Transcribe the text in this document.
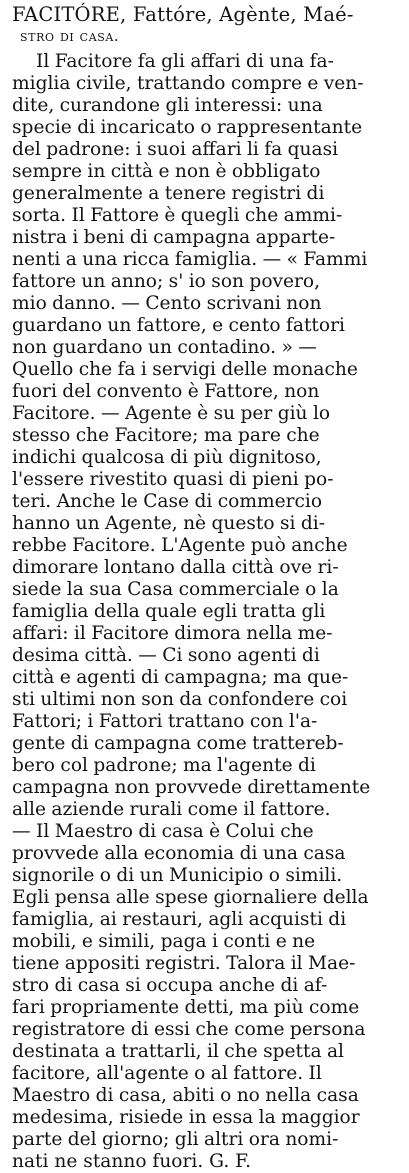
FACITÓRE, Fattóre, Agènte, Maé-
stro di casa.
Il Facitore fa gli affari di una fa-
miglia civile, trattando compre e ven-
dite, curandone gli interessi: una
specie di incaricato o rappresentante
del padrone: i suoi affari li fa quasi
sempre in città e non è obbligato
generalmente a tenere registri di
sorta. Il Fattore è quegli che ammi-
nistra i beni di campagna apparte-
nenti a una ricca famiglia. — « Fammi
fattore un anno; s' io son povero,
mio danno. — Cento scrivani non
guardano un fattore, e cento fattori
non guardano un contadino. » —
Quello che fa i servigi delle monache
fuori del convento è Fattore, non
Facitore. — Agente è su per giù lo
stesso che Facitore; ma pare che
indichi qualcosa di più dignitoso,
l'essere rivestito quasi di pieni po-
teri. Anche le Case di commercio
hanno un Agente, nè questo si di-
rebbe Facitore. L'Agente può anche
dimorare lontano dalla città ove ri-
siede la sua Casa commerciale o la
famiglia della quale egli tratta gli
affari: il Facitore dimora nella me-
desima città. — Ci sono agenti di
città e agenti di campagna; ma que-
sti ultimi non son da confondere coi
Fattori; i Fattori trattano con l'a-
gente di campagna come trattereb-
bero col padrone; ma l'agente di
campagna non provvede direttamente
alle aziende rurali come il fattore.
— Il Maestro di casa è Colui che
provvede alla economia di una casa
signorile o di un Municipio o simili.
Egli pensa alle spese giornaliere della
famiglia, ai restauri, agli acquisti di
mobili, e simili, paga i conti e ne
tiene appositi registri. Talora il Mae-
stro di casa si occupa anche di af-
fari propriamente detti, ma più come
registratore di essi che come persona
destinata a trattarli, il che spetta al
facitore, all'agente o al fattore. Il
Maestro di casa, abiti o no nella casa
medesima, risiede in essa la maggior
parte del giorno; gli altri ora nomi-
nati ne stanno fuori. G. F.
